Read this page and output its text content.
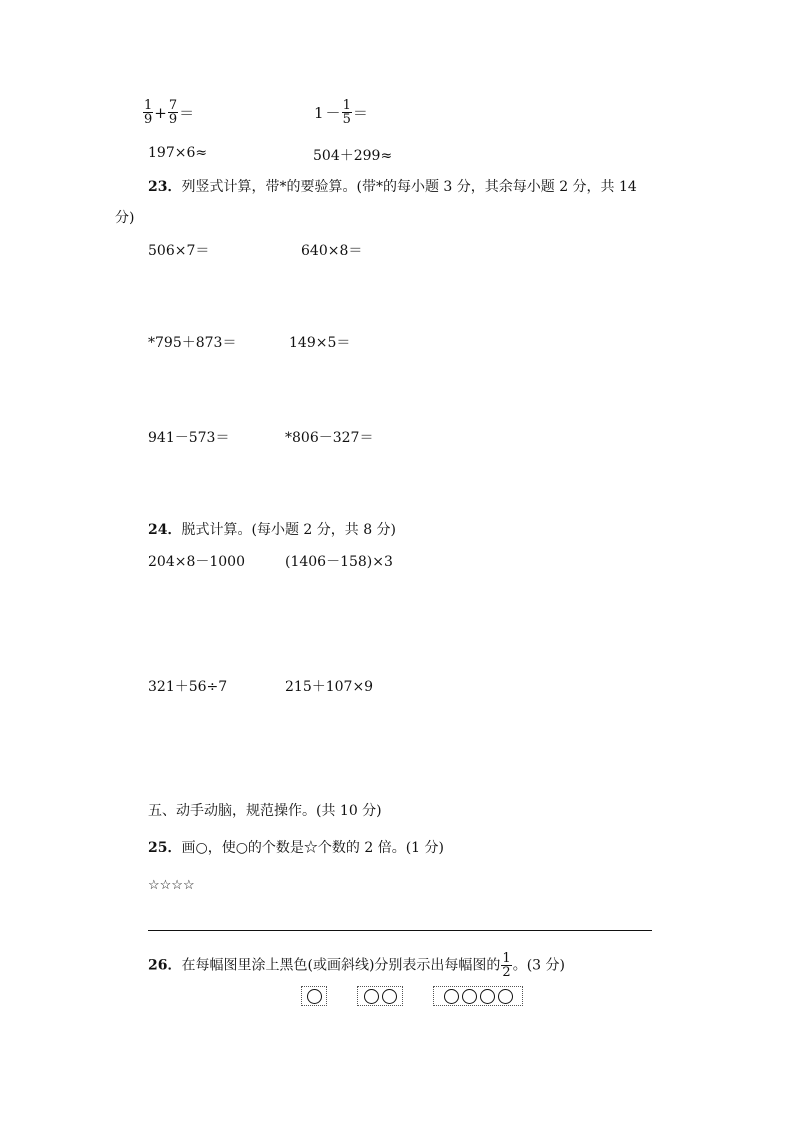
$\frac{1}{9} + \frac{7}{9}$ ＝	$1 - \frac{1}{5}$ ＝
197×6≈	504＋299≈
23．列竖式计算，带*的要验算。(带*的每小题 3 分，其余每小题 2 分，共 14
分)
506×7＝	640×8＝
*795＋873＝	149×5＝
941－573＝	*806－327＝
24．脱式计算。(每小题 2 分，共 8 分)
204×8－1000	(1406－158)×3
321＋56÷7	215＋107×9
五、动手动脑，规范操作。(共 10 分)
25．画○，使○的个数是☆个数的 2 倍。(1 分)
☆☆☆☆
26．在每幅图里涂上黑色(或画斜线)分别表示出每幅图的 $\frac{1}{2}$ 。(3 分)
